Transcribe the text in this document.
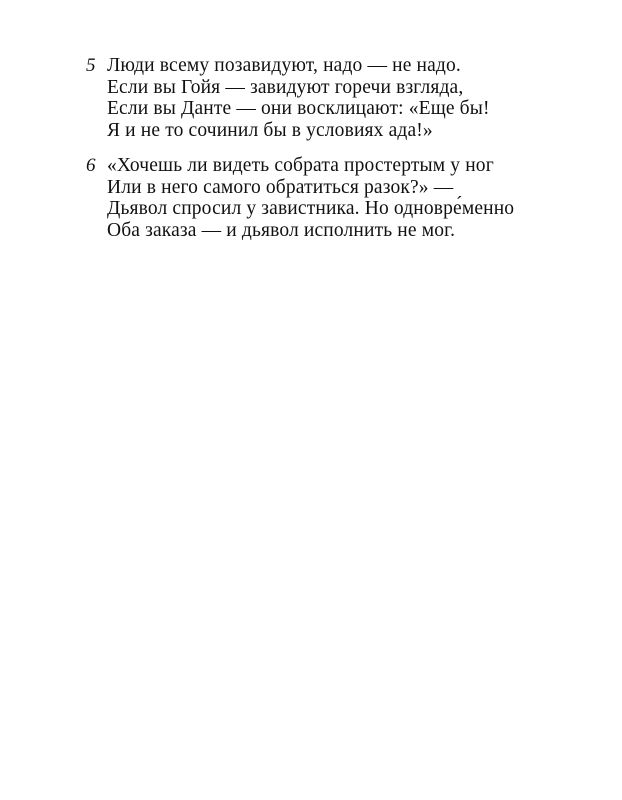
5 Люди всему позавидуют, надо — не надо.
Если вы Гойя — завидуют горечи взгляда,
Если вы Данте — они восклицают: «Еще бы!
Я и не то сочинил бы в условиях ада!»
6 «Хочешь ли видеть собрата простертым у ног
Или в него самого обратиться разок?» —
Дьявол спросил у завистника. Но одновре́менно
Оба заказа — и дьявол исполнить не мог.
